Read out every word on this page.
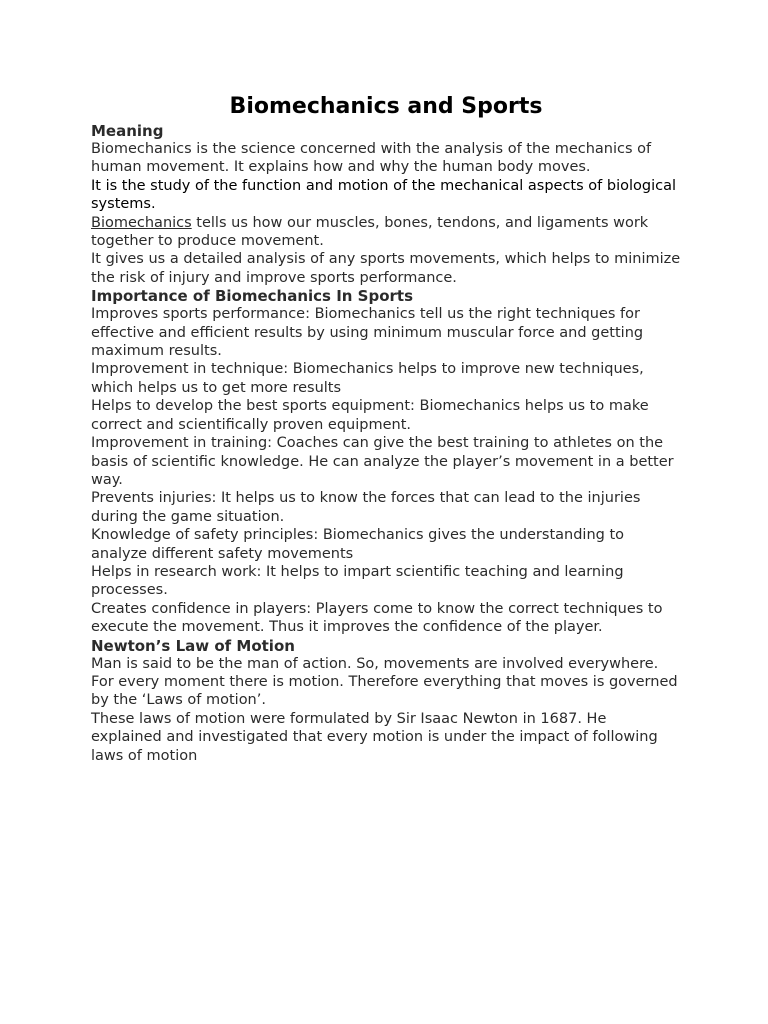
Biomechanics and Sports

Meaning

Biomechanics is the science concerned with the analysis of the mechanics of human movement. It explains how and why the human body moves.

It is the study of the function and motion of the mechanical aspects of biological systems.

Biomechanics tells us how our muscles, bones, tendons, and ligaments work together to produce movement.

It gives us a detailed analysis of any sports movements, which helps to minimize the risk of injury and improve sports performance.

Importance of Biomechanics In Sports

Improves sports performance: Biomechanics tell us the right techniques for effective and efficient results by using minimum muscular force and getting maximum results.

Improvement in technique: Biomechanics helps to improve new techniques, which helps us to get more results

Helps to develop the best sports equipment: Biomechanics helps us to make correct and scientifically proven equipment.

Improvement in training: Coaches can give the best training to athletes on the basis of scientific knowledge. He can analyze the player’s movement in a better way.

Prevents injuries: It helps us to know the forces that can lead to the injuries during the game situation.

Knowledge of safety principles: Biomechanics gives the understanding to analyze different safety movements

Helps in research work: It helps to impart scientific teaching and learning processes.

Creates confidence in players: Players come to know the correct techniques to execute the movement. Thus it improves the confidence of the player.

Newton’s Law of Motion

Man is said to be the man of action. So, movements are involved everywhere. For every moment there is motion. Therefore everything that moves is governed by the ‘Laws of motion’.

These laws of motion were formulated by Sir Isaac Newton in 1687. He explained and investigated that every motion is under the impact of following laws of motion
